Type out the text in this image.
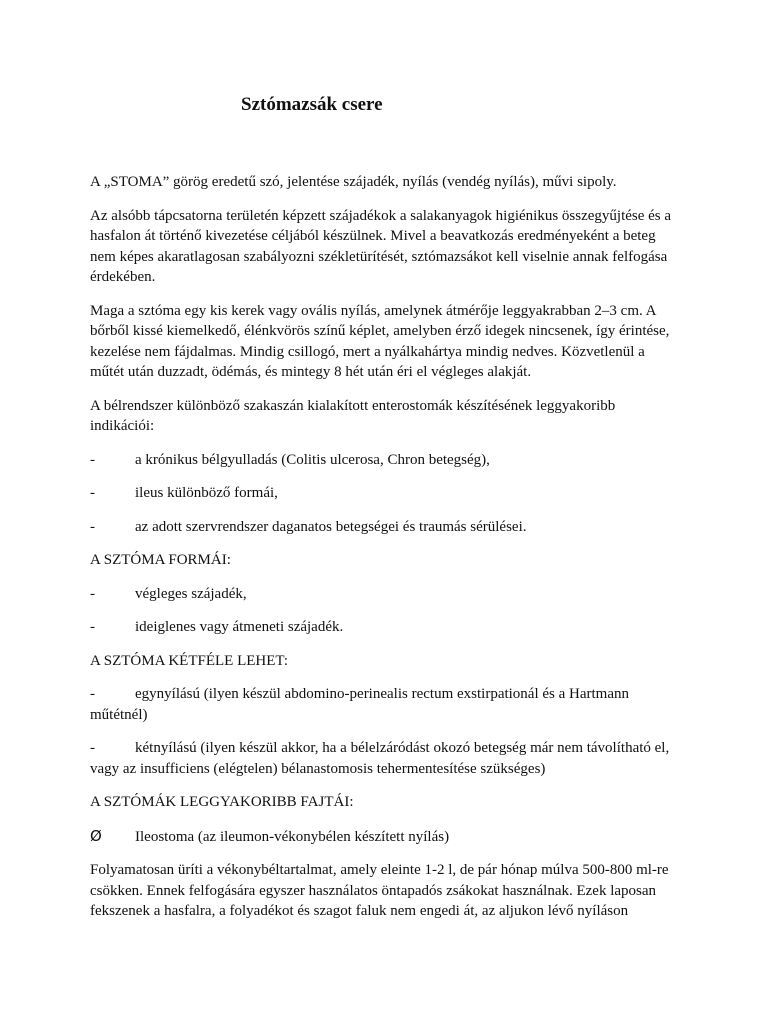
Sztómazsák csere

A „STOMA” görög eredetű szó, jelentése szájadék, nyílás (vendég nyílás), művi sipoly.

Az alsóbb tápcsatorna területén képzett szájadékok a salakanyagok higiénikus összegyűjtése és a hasfalon át történő kivezetése céljából készülnek. Mivel a beavatkozás eredményeként a beteg nem képes akaratlagosan szabályozni székletürítését, sztómazsákot kell viselnie annak felfogása érdekében.

Maga a sztóma egy kis kerek vagy ovális nyílás, amelynek átmérője leggyakrabban 2–3 cm. A bőrből kissé kiemelkedő, élénkvörös színű képlet, amelyben érző idegek nincsenek, így érintése, kezelése nem fájdalmas. Mindig csillogó, mert a nyálkahártya mindig nedves. Közvetlenül a műtét után duzzadt, ödémás, és mintegy 8 hét után éri el végleges alakját.

A bélrendszer különböző szakaszán kialakított enterostomák készítésének leggyakoribb indikációi:

-	a krónikus bélgyulladás (Colitis ulcerosa, Chron betegség),
-	ileus különböző formái,
-	az adott szervrendszer daganatos betegségei és traumás sérülései.

A SZTÓMA FORMÁI:

-	végleges szájadék,
-	ideiglenes vagy átmeneti szájadék.

A SZTÓMA KÉTFÉLE LEHET:

-	egynyílású (ilyen készül abdomino-perinealis rectum exstirpationál és a Hartmann műtétnél)
-	kétnyílású (ilyen készül akkor, ha a bélelzáródást okozó betegség már nem távolítható el, vagy az insufficiens (elégtelen) bélanastomosis tehermentesítése szükséges)

A SZTÓMÁK LEGGYAKORIBB FAJTÁI:

Ø Ileostoma (az ileumon-vékonybélen készített nyílás)

Folyamatosan üríti a vékonybéltartalmat, amely eleinte 1-2 l, de pár hónap múlva 500-800 ml-re csökken. Ennek felfogására egyszer használatos öntapadós zsákokat használnak. Ezek laposan fekszenek a hasfalra, a folyadékot és szagot faluk nem engedi át, az aljukon lévő nyíláson
